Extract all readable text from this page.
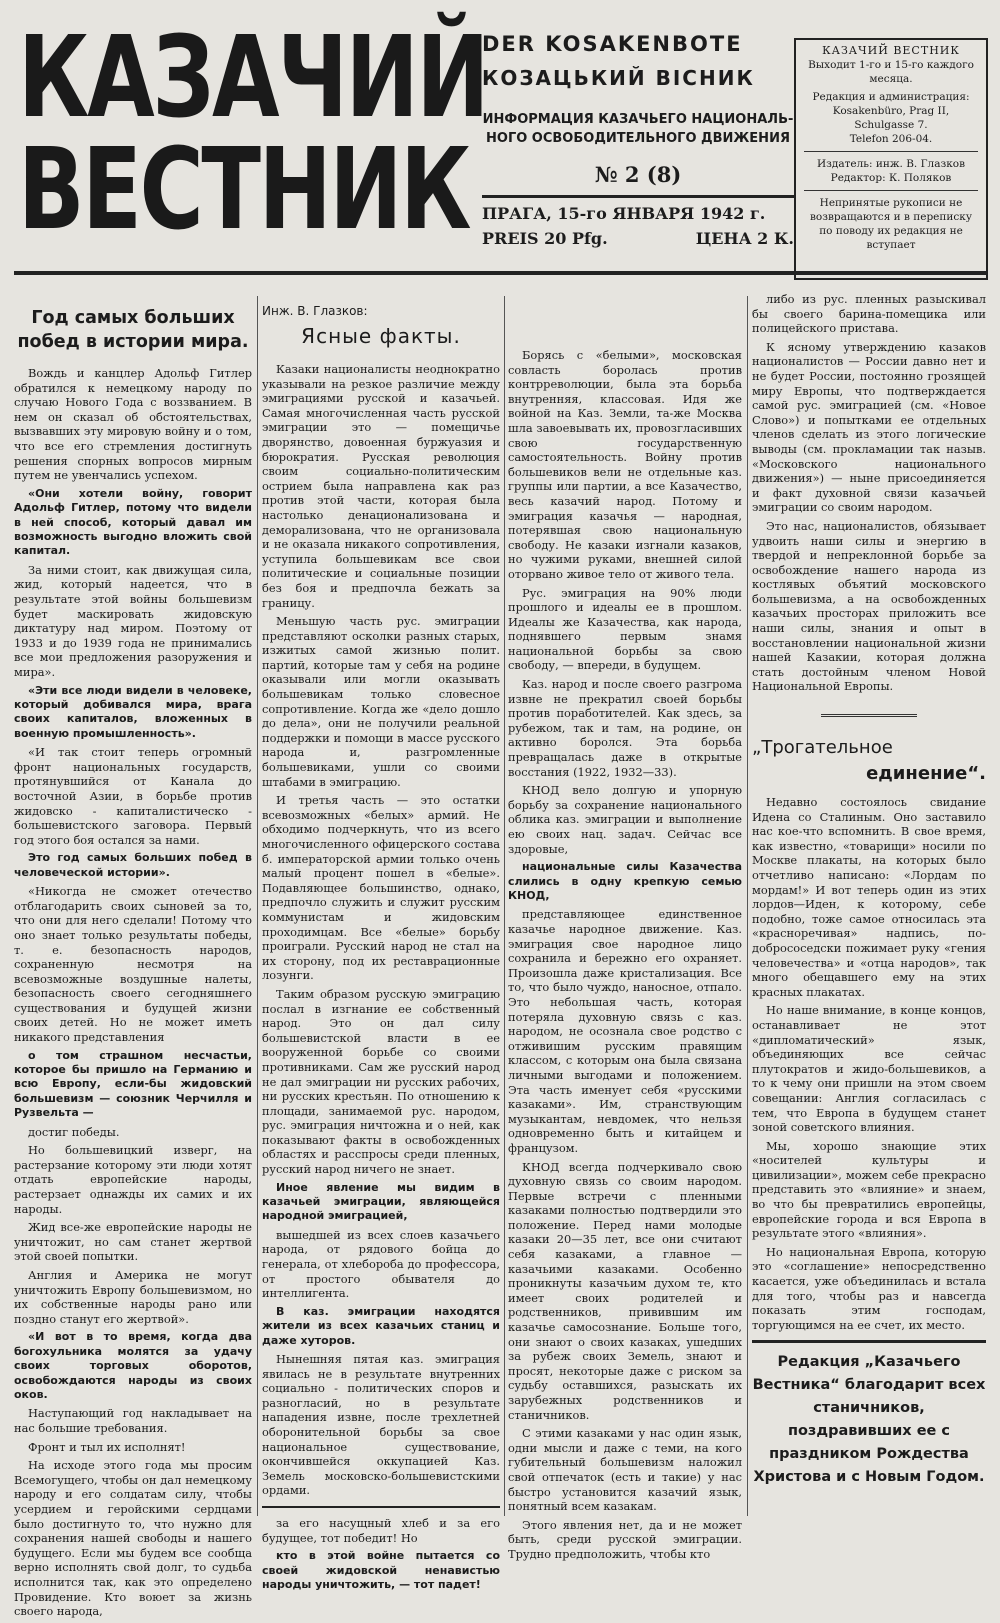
КАЗАЧИЙ
ВЕСТНИК
DER KOSAKENBOTE
КОЗАЦЬКИЙ ВІСНИК
ИНФОРМАЦИЯ КАЗАЧЬЕГО НАЦИОНАЛЬ-НОГО ОСВОБОДИТЕЛЬНОГО ДВИЖЕНИЯ
№ 2 (8)
ПРАГА, 15-го ЯНВАРЯ 1942 г.
PREIS 20 Pfg.	ЦЕНА 2 К.
КАЗАЧИЙ ВЕСТНИК
Выходит 1-го и 15-го каждого месяца.
Редакция и администрация:
Kosakenbüro, Prag II,
Schulgasse 7.
Telefon 206-04.
Издатель: инж. В. Глазков
Редактор: К. Поляков
Непринятые рукописи не возвращаются и в переписку по поводу их редакция не вступает
Год самых больших побед в истории мира.

Вождь и канцлер Адольф Гитлер обратился к немецкому народу по случаю Нового Года с воззванием. В нем он сказал об обстоятельствах, вызвавших эту мировую войну и о том, что все его стремления достигнуть решения спорных вопросов мирным путем не увенчались успехом.

«Они хотели войну, говорит Адольф Гитлер, потому что видели в ней способ, который давал им возможность выгодно вложить свой капитал.

За ними стоит, как движущая сила, жид, который надеется, что в результате этой войны большевизм будет маскировать жидовскую диктатуру над миром. Поэтому от 1933 и до 1939 года не принимались все мои предложения разоружения и мира».

«Эти все люди видели в человеке, который добивался мира, врага своих капиталов, вложенных в военную промышленность».

«И так стоит теперь огромный фронт национальных государств, протянувшийся от Канала до восточной Азии, в борьбе против жидовско - капиталистическо - большевистского заговора. Первый год этого боя остался за нами.

Это год самых больших побед в человеческой истории».

«Никогда не сможет отечество отблагодарить своих сыновей за то, что они для него сделали! Потому что оно знает только результаты победы, т. е. безопасность народов, сохраненную несмотря на всевозможные воздушные налеты, безопасность своего сегодняшнего существования и будущей жизни своих детей. Но не может иметь никакого представления

о том страшном несчастьи, которое бы пришло на Германию и всю Европу, если-бы жидовский большевизм — союзник Черчилля и Рузвельта —

достиг победы.

Но большевицкий изверг, на растерзание которому эти люди хотят отдать европейские народы, растерзает однажды их самих и их народы.

Жид все-же европейские народы не уничтожит, но сам станет жертвой этой своей попытки.

Англия и Америка не могут уничтожить Европу большевизмом, но их собственные народы рано или поздно станут его жертвой».

«И вот в то время, когда два богохульника молятся за удачу своих торговых оборотов, освобождаются народы из своих оков.

Наступающий год накладывает на нас большие требования.

Фронт и тыл их исполнят!

На исходе этого года мы просим Всемогущего, чтобы он дал немецкому народу и его солдатам силу, чтобы усердием и геройскими сердцами было достигнуто то, что нужно для сохранения нашей свободы и нашего будущего. Если мы будем все сообща верно исполнять свой долг, то судьба исполнится так, как это определено Провидение. Кто воюет за жизнь своего народа,

Инж. В. Глазков:
Ясные факты.

Казаки националисты неоднократно указывали на резкое различие между эмиграциями русской и казачьей. Самая многочисленная часть русской эмиграции это — помещичье дворянство, довоенная буржуазия и бюрократия. Русская революция своим социально-политическим острием была направлена как раз против этой части, которая была настолько денационализована и деморализована, что не организовала и не оказала никакого сопротивления, уступила большевикам все свои политические и социальные позиции без боя и предпочла бежать за границу.

Меньшую часть рус. эмиграции представляют осколки разных старых, изжитых самой жизнью полит. партий, которые там у себя на родине оказывали или могли оказывать большевикам только словесное сопротивление. Когда же «дело дошло до дела», они не получили реальной поддержки и помощи в массе русского народа и, разгромленные большевиками, ушли со своими штабами в эмиграцию.

И третья часть — это остатки всевозможных «белых» армий. Не обходимо подчеркнуть, что из всего многочисленного офицерского состава б. императорской армии только очень малый процент пошел в «белые». Подавляющее большинство, однако, предпочло служить и служит русским коммунистам и жидовским проходимцам. Все «белые» борьбу проиграли. Русский народ не стал на их сторону, под их реставрационные лозунги.

Таким образом русскую эмиграцию послал в изгнание ее собственный народ. Это он дал силу большевистской власти в ее вооруженной борьбе со своими противниками. Сам же русский народ не дал эмиграции ни русских рабочих, ни русских крестьян. По отношению к площади, занимаемой рус. народом, рус. эмиграция ничтожна и о ней, как показывают факты в освобожденных областях и расспросы среди пленных, русский народ ничего не знает.

Иное явление мы видим в казачьей эмиграции, являющейся народной эмиграцией,

вышедшей из всех слоев казачьего народа, от рядового бойца до генерала, от хлебороба до профессора, от простого обывателя до интеллигента.

В каз. эмиграции находятся жители из всех казачьих станиц и даже хуторов.

Нынешняя пятая каз. эмиграция явилась не в результате внутренних социально - политических споров и разногласий, но в результате нападения извне, после трехлетней оборонительной борьбы за свое национальное существование, окончившейся оккупацией Каз. Земель московско-большевистскими ордами.

за его насущный хлеб и за его будущее, тот победит! Но

кто в этой войне пытается со своей жидовской ненавистью народы уничтожить, — тот падет!

Борясь с «белыми», московская совласть боролась против контрреволюции, была эта борьба внутренняя, классовая. Идя же войной на Каз. Земли, та-же Москва шла завоевывать их, провозгласивших свою государственную самостоятельность. Войну против большевиков вели не отдельные каз. группы или партии, а все Казачество, весь казачий народ. Потому и эмиграция казачья — народная, потерявшая свою национальную свободу. Не казаки изгнали казаков, но чужими руками, внешней силой оторвано живое тело от живого тела.

Рус. эмиграция на 90% люди прошлого и идеалы ее в прошлом. Идеалы же Казачества, как народа, поднявшего первым знамя национальной борьбы за свою свободу, — впереди, в будущем.

Каз. народ и после своего разгрома извне не прекратил своей борьбы против поработителей. Как здесь, за рубежом, так и там, на родине, он активно боролся. Эта борьба превращалась даже в открытые восстания (1922, 1932—33).

КНОД вело долгую и упорную борьбу за сохранение национального облика каз. эмиграции и выполнение ею своих нац. задач. Сейчас все здоровые,

национальные силы Казачества слились в одну крепкую семью КНОД,

представляющее единственное казачье народное движение. Каз. эмиграция свое народное лицо сохранила и бережно его охраняет. Произошла даже кристализация. Все то, что было чуждо, наносное, отпало. Это небольшая часть, которая потеряла духовную связь с каз. народом, не осознала свое родство с отживишим русским правящим классом, с которым она была связана личными выгодами и положением. Эта часть именует себя «русскими казаками». Им, странствующим музыкантам, невдомек, что нельзя одновременно быть и китайцем и французом.

КНОД всегда подчеркивало свою духовную связь со своим народом. Первые встречи с пленными казаками полностью подтвердили это положение. Перед нами молодые казаки 20—35 лет, все они считают себя казаками, а главное — казачьими казаками. Особенно проникнуты казачьим духом те, кто имеет своих родителей и родственников, привившим им казачье самосознание. Больше того, они знают о своих казаках, ушедших за рубеж своих Земель, знают и просят, некоторые даже с риском за судьбу оставшихся, разыскать их зарубежных родственников и станичников.

С этими казаками у нас один язык, одни мысли и даже с теми, на кого губительный большевизм наложил свой отпечаток (есть и такие) у нас быстро установится казачий язык, понятный всем казакам.

Этого явления нет, да и не может быть, среди русской эмиграции. Трудно предположить, чтобы кто

либо из рус. пленных разыскивал бы своего барина-помещика или полицейского пристава.

К ясному утверждению казаков националистов — России давно нет и не будет России, постоянно грозящей миру Европы, что подтверждается самой рус. эмиграцией (см. «Новое Слово») и попытками ее отдельных членов сделать из этого логические выводы (см. прокламации так назыв. «Московского национального движения») — ныне присоединяется и факт духовной связи казачьей эмиграции со своим народом.

Это нас, националистов, обязывает удвоить наши силы и энергию в твердой и непреклонной борьбе за освобождение нашего народа из костлявых объятий московского большевизма, а на освобожденных казачьих просторах приложить все наши силы, знания и опыт в восстановлении национальной жизни нашей Казакии, которая должна стать достойным членом Новой Национальной Европы.

„Трогательное
единение“.

Недавно состоялось свидание Идена со Сталиным. Оно заставило нас кое-что вспомнить. В свое время, как известно, «товарищи» носили по Москве плакаты, на которых было отчетливо написано: «Лордам по мордам!» И вот теперь один из этих лордов—Иден, к которому, себе подобно, тоже самое относилась эта «красноречивая» надпись, по-добрососедски пожимает руку «гения человечества» и «отца народов», так много обещавшего ему на этих красных плакатах.

Но наше внимание, в конце концов, останавливает не этот «дипломатический» язык, объединяющих все сейчас плутократов и жидо-большевиков, а то к чему они пришли на этом своем совещании: Англия согласилась с тем, что Европа в будущем станет зоной советского влияния.

Мы, хорошо знающие этих «носителей культуры и цивилизации», можем себе прекрасно представить это «влияние» и знаем, во что бы превратились европейцы, европейские города и вся Европа в результате этого «влияния».

Но национальная Европа, которую это «соглашение» непосредственно касается, уже объединилась и встала для того, чтобы раз и навсегда показать этим господам, торгующимся на ее счет, их место.

Редакция „Казачьего Вестника“ благодарит всех станичников, поздравивших ее с праздником Рождества Христова и с Новым Годом.
